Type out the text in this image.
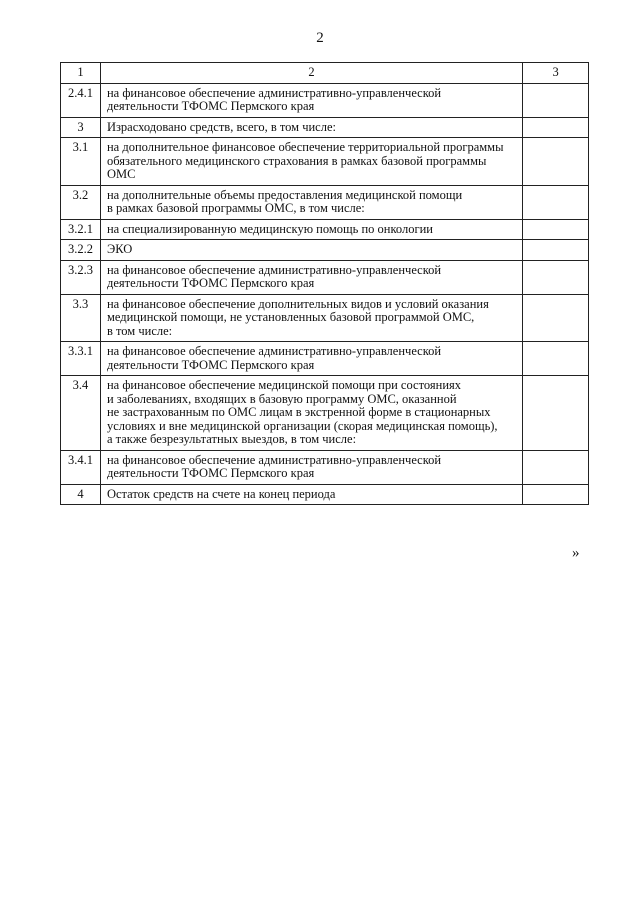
2
1	2	3
2.4.1	на финансовое обеспечение административно-управленческой
деятельности ТФОМС Пермского края	
3	Израсходовано средств, всего, в том числе:	
3.1	на дополнительное финансовое обеспечение территориальной программы
обязательного медицинского страхования в рамках базовой программы
ОМС	
3.2	на дополнительные объемы предоставления медицинской помощи
в рамках базовой программы ОМС, в том числе:	
3.2.1	на специализированную медицинскую помощь по онкологии	
3.2.2	ЭКО	
3.2.3	на финансовое обеспечение административно-управленческой
деятельности ТФОМС Пермского края	
3.3	на финансовое обеспечение дополнительных видов и условий оказания
медицинской помощи, не установленных базовой программой ОМС,
в том числе:	
3.3.1	на финансовое обеспечение административно-управленческой
деятельности ТФОМС Пермского края	
3.4	на финансовое обеспечение медицинской помощи при состояниях
и заболеваниях, входящих в базовую программу ОМС, оказанной
не застрахованным по ОМС лицам в экстренной форме в стационарных
условиях и вне медицинской организации (скорая медицинская помощь),
а также безрезультатных выездов, в том числе:	
3.4.1	на финансовое обеспечение административно-управленческой
деятельности ТФОМС Пермского края	
4	Остаток средств на счете на конец периода	
»
